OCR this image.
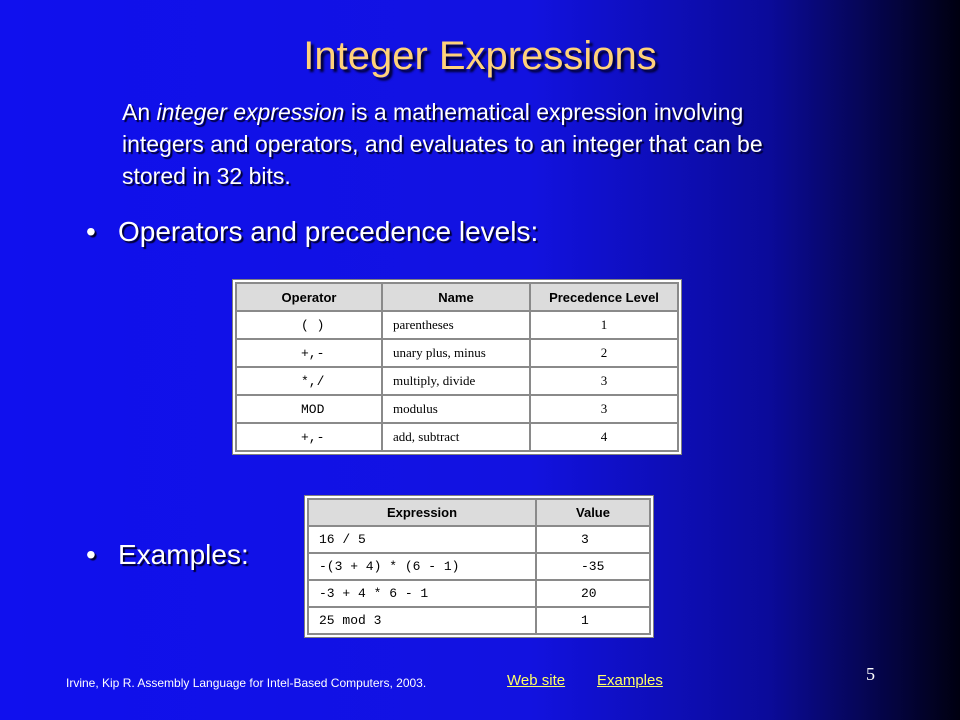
Integer Expressions
An integer expression is a mathematical expression involving integers and operators, and evaluates to an integer that can be stored in 32 bits.
• Operators and precedence levels:
Operator	Name	Precedence Level
( )	parentheses	1
+,-	unary plus, minus	2
*,/	multiply, divide	3
MOD	modulus	3
+,-	add, subtract	4
• Examples:
Expression	Value
16 / 5	3
-(3 + 4) * (6 - 1)	-35
-3 + 4 * 6 - 1	20
25 mod 3	1
Irvine, Kip R. Assembly Language for Intel-Based Computers, 2003.	Web site Examples	5
